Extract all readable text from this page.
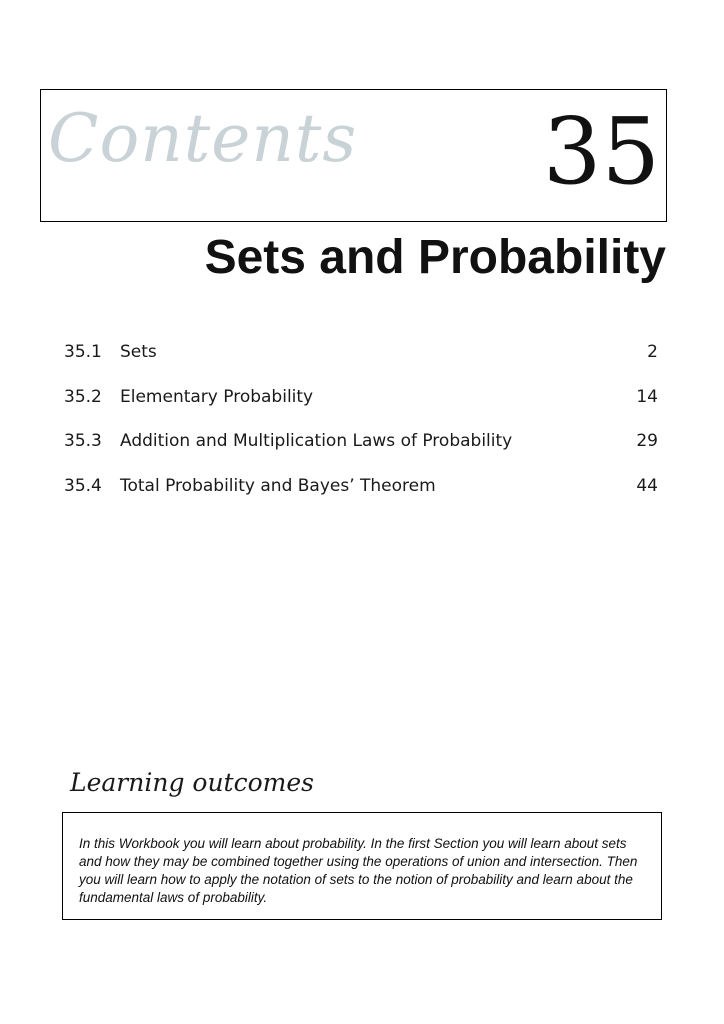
Contents 35
Sets and Probability
35.1 Sets	2
35.2 Elementary Probability	14
35.3 Addition and Multiplication Laws of Probability	29
35.4 Total Probability and Bayes’ Theorem	44
Learning outcomes

In this Workbook you will learn about probability. In the first Section you will learn about sets and how they may be combined together using the operations of union and intersection. Then you will learn how to apply the notation of sets to the notion of probability and learn about the fundamental laws of probability.
